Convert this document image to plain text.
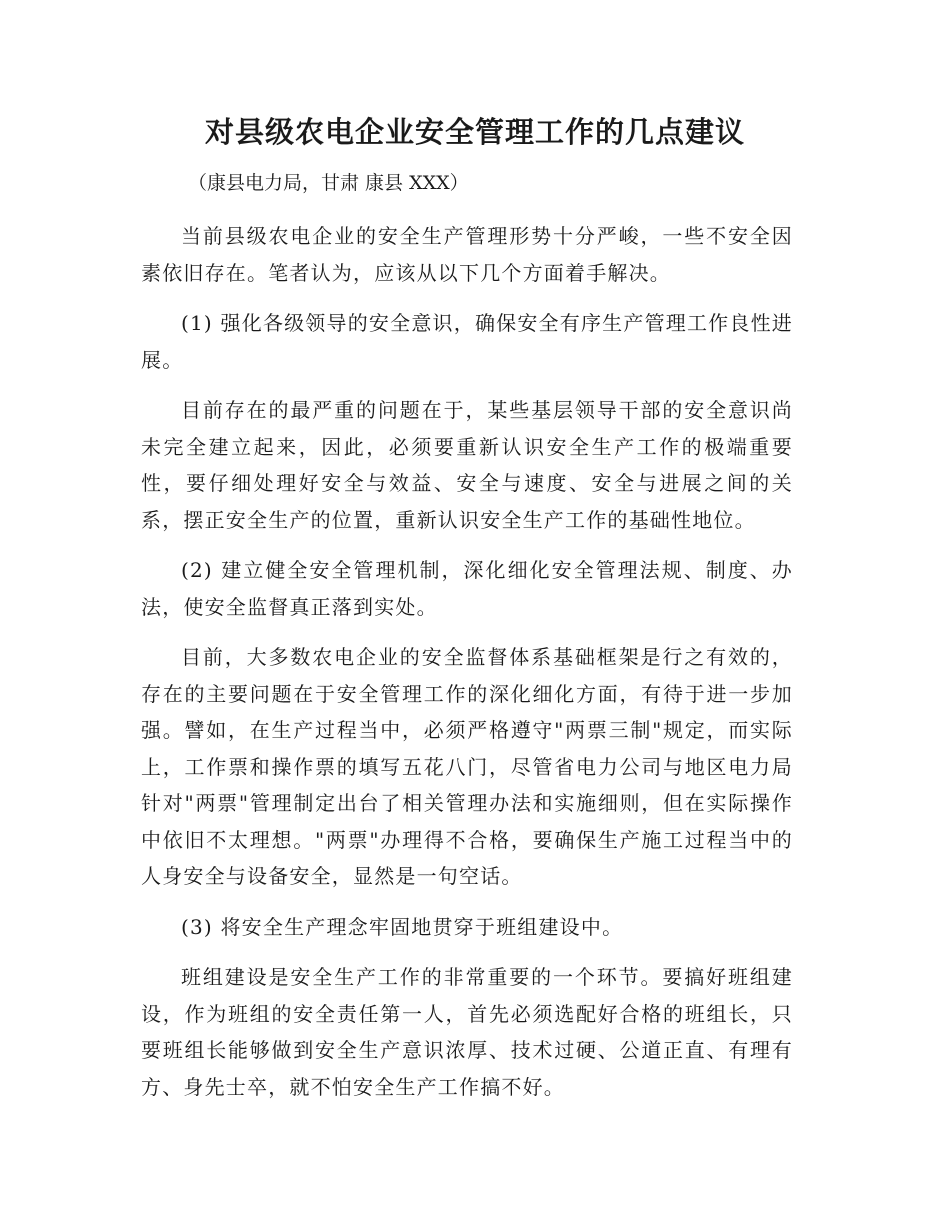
对县级农电企业安全管理工作的几点建议

（康县电力局，甘肃 康县 XXX）

当前县级农电企业的安全生产管理形势十分严峻，一些不安全因素依旧存在。笔者认为，应该从以下几个方面着手解决。

(1) 强化各级领导的安全意识，确保安全有序生产管理工作良性进展。

目前存在的最严重的问题在于，某些基层领导干部的安全意识尚未完全建立起来，因此，必须要重新认识安全生产工作的极端重要性，要仔细处理好安全与效益、安全与速度、安全与进展之间的关系，摆正安全生产的位置，重新认识安全生产工作的基础性地位。

(2) 建立健全安全管理机制，深化细化安全管理法规、制度、办法，使安全监督真正落到实处。

目前，大多数农电企业的安全监督体系基础框架是行之有效的，存在的主要问题在于安全管理工作的深化细化方面，有待于进一步加强。譬如，在生产过程当中，必须严格遵守"两票三制"规定，而实际上，工作票和操作票的填写五花八门，尽管省电力公司与地区电力局针对"两票"管理制定出台了相关管理办法和实施细则，但在实际操作中依旧不太理想。"两票"办理得不合格，要确保生产施工过程当中的人身安全与设备安全，显然是一句空话。

(3) 将安全生产理念牢固地贯穿于班组建设中。

班组建设是安全生产工作的非常重要的一个环节。要搞好班组建设，作为班组的安全责任第一人，首先必须选配好合格的班组长，只要班组长能够做到安全生产意识浓厚、技术过硬、公道正直、有理有方、身先士卒，就不怕安全生产工作搞不好。
